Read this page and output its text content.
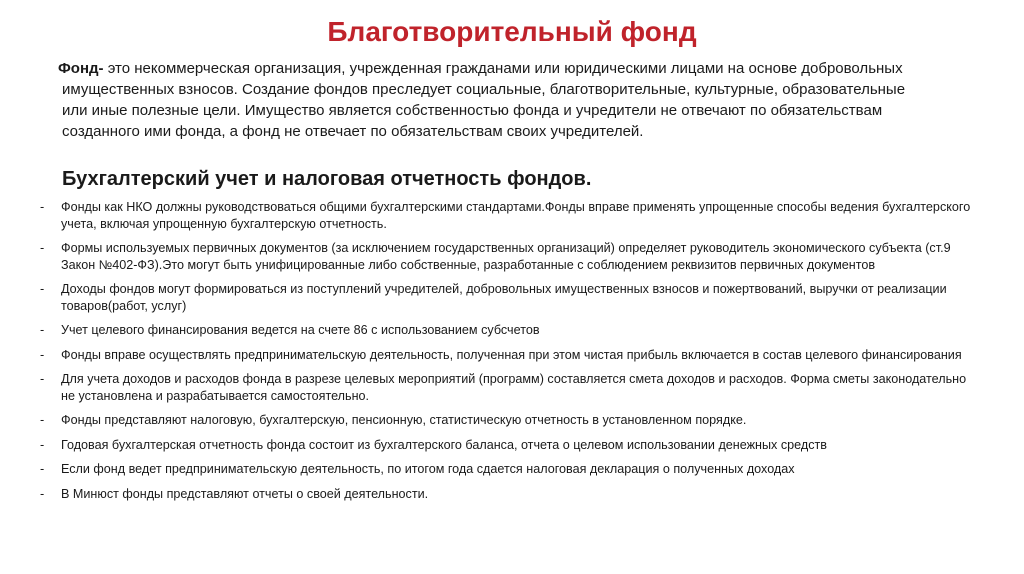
Благотворительный фонд
Фонд- это некоммерческая организация, учрежденная гражданами или юридическими лицами на основе добровольных имущественных взносов. Создание фондов преследует социальные, благотворительные, культурные, образовательные или иные полезные цели. Имущество является собственностью фонда и учредители не отвечают по обязательствам созданного ими фонда, а фонд не отвечает по обязательствам своих учредителей.
Бухгалтерский учет и налоговая отчетность фондов.
- Фонды как НКО должны руководствоваться общими бухгалтерскими стандартами.Фонды вправе применять упрощенные способы ведения бухгалтерского учета, включая упрощенную бухгалтерскую отчетность.
- Формы используемых первичных документов (за исключением государственных организаций) определяет руководитель экономического субъекта (ст.9 Закон №402-ФЗ).Это могут быть унифицированные либо собственные, разработанные с соблюдением реквизитов первичных документов
- Доходы фондов могут формироваться из поступлений учредителей, добровольных имущественных взносов и пожертвований, выручки от реализации товаров(работ, услуг)
- Учет целевого финансирования ведется на счете 86 с использованием субсчетов
- Фонды вправе осуществлять предпринимательскую деятельность, полученная при этом чистая прибыль включается в состав целевого финансирования
- Для учета доходов и расходов фонда в разрезе целевых мероприятий (программ) составляется смета доходов и расходов. Форма сметы законодательно не установлена и разрабатывается самостоятельно.
- Фонды представляют налоговую, бухгалтерскую, пенсионную, статистическую отчетность в установленном порядке.
- Годовая бухгалтерская отчетность фонда состоит из бухгалтерского баланса, отчета о целевом использовании денежных средств
- Если фонд ведет предпринимательскую деятельность, по итогом года сдается налоговая декларация о полученных доходах
- В Минюст фонды представляют отчеты о своей деятельности.
